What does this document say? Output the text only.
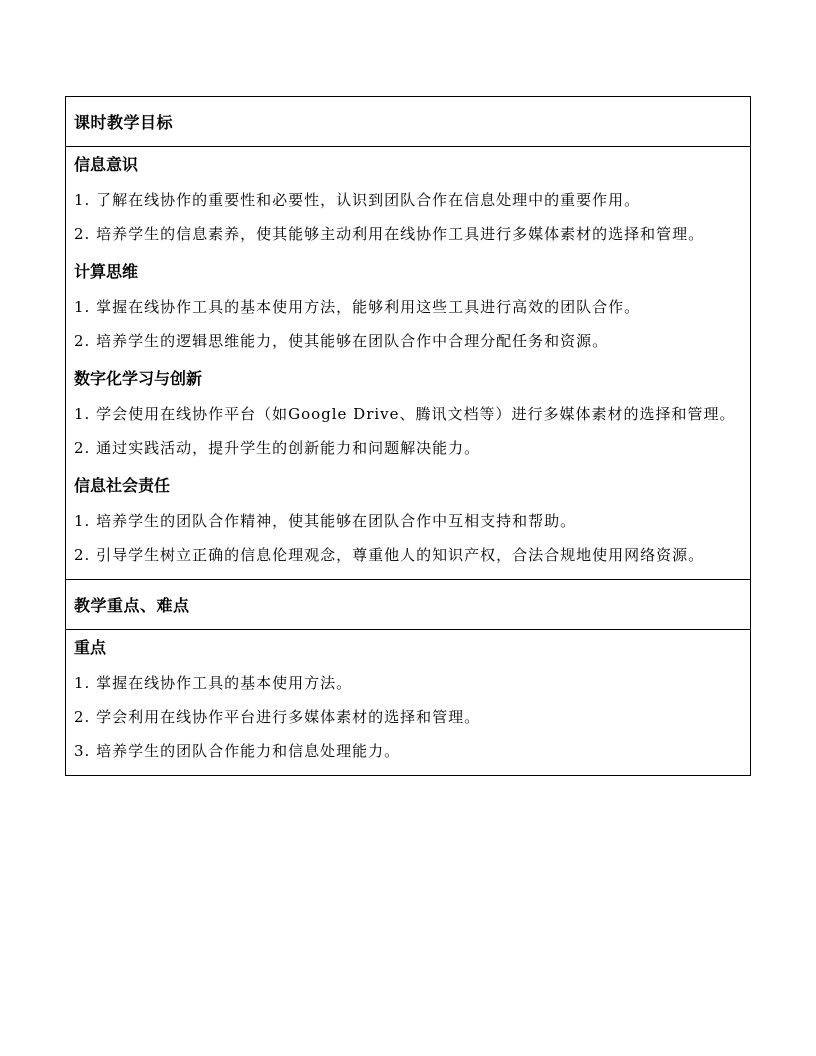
课时教学目标
信息意识
1. 了解在线协作的重要性和必要性，认识到团队合作在信息处理中的重要作用。
2. 培养学生的信息素养，使其能够主动利用在线协作工具进行多媒体素材的选择和管理。
计算思维
1. 掌握在线协作工具的基本使用方法，能够利用这些工具进行高效的团队合作。
2. 培养学生的逻辑思维能力，使其能够在团队合作中合理分配任务和资源。
数字化学习与创新
1. 学会使用在线协作平台（如Google Drive、腾讯文档等）进行多媒体素材的选择和管理。
2. 通过实践活动，提升学生的创新能力和问题解决能力。
信息社会责任
1. 培养学生的团队合作精神，使其能够在团队合作中互相支持和帮助。
2. 引导学生树立正确的信息伦理观念，尊重他人的知识产权，合法合规地使用网络资源。
教学重点、难点
重点
1. 掌握在线协作工具的基本使用方法。
2. 学会利用在线协作平台进行多媒体素材的选择和管理。
3. 培养学生的团队合作能力和信息处理能力。
